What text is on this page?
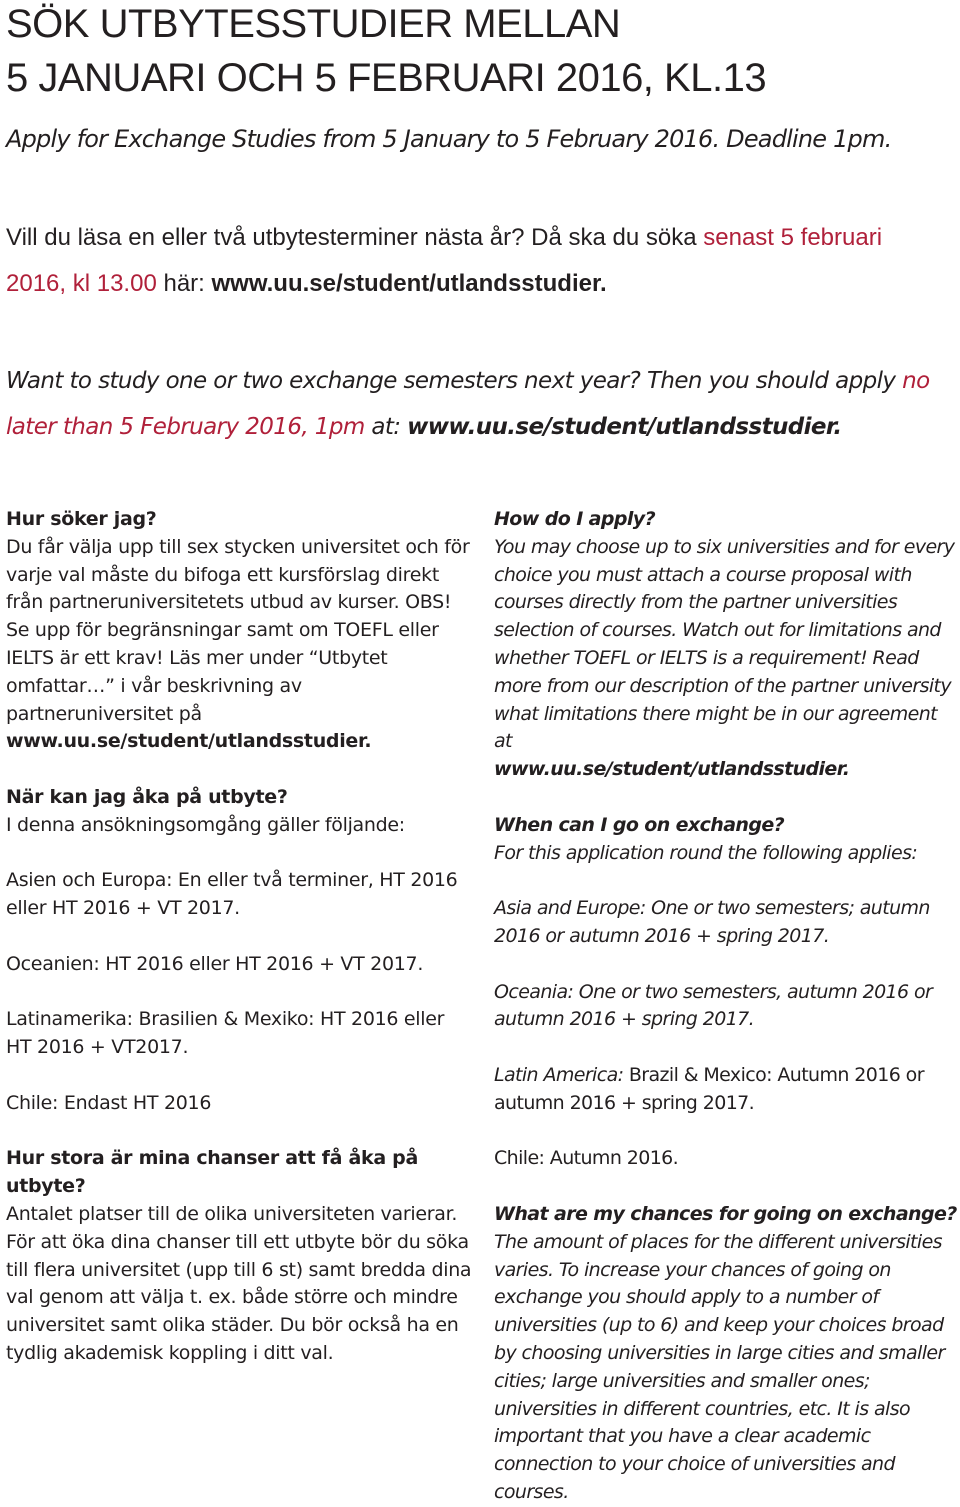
SÖK UTBYTESSTUDIER MELLAN
5 JANUARI OCH 5 FEBRUARI 2016, KL.13

Apply for Exchange Studies from 5 January to 5 February 2016. Deadline 1pm.

Vill du läsa en eller två utbytesterminer nästa år? Då ska du söka senast 5 februari 2016, kl 13.00 här: www.uu.se/student/utlandsstudier.

Want to study one or two exchange semesters next year? Then you should apply no later than 5 February 2016, 1pm at: www.uu.se/student/utlandsstudier.

Hur söker jag?

Du får välja upp till sex stycken universitet och för varje val måste du bifoga ett kursförslag direkt från partneruniversitetets utbud av kurser. OBS! Se upp för begränsningar samt om TOEFL eller IELTS är ett krav! Läs mer under “Utbytet omfattar…” i vår beskrivning av partneruniversitet på

www.uu.se/student/utlandsstudier.

När kan jag åka på utbyte?

I denna ansökningsomgång gäller följande:

Asien och Europa: En eller två terminer, HT 2016 eller HT 2016 + VT 2017.

Oceanien: HT 2016 eller HT 2016 + VT 2017.

Latinamerika: Brasilien & Mexiko: HT 2016 eller HT 2016 + VT2017.

Chile: Endast HT 2016

Hur stora är mina chanser att få åka på utbyte?

Antalet platser till de olika universiteten varierar. För att öka dina chanser till ett utbyte bör du söka till flera universitet (upp till 6 st) samt bredda dina val genom att välja t. ex. både större och mindre universitet samt olika städer. Du bör också ha en tydlig akademisk koppling i ditt val.

How do I apply?

You may choose up to six universities and for every choice you must attach a course proposal with courses directly from the partner universities selection of courses. Watch out for limitations and whether TOEFL or IELTS is a requirement! Read more from our description of the partner university what limitations there might be in our agreement at

www.uu.se/student/utlandsstudier.

When can I go on exchange?

For this application round the following applies:

Asia and Europe: One or two semesters; autumn 2016 or autumn 2016 + spring 2017.

Oceania: One or two semesters, autumn 2016 or autumn 2016 + spring 2017.

Latin America: Brazil & Mexico: Autumn 2016 or autumn 2016 + spring 2017.

Chile: Autumn 2016.

What are my chances for going on exchange?

The amount of places for the different universities varies. To increase your chances of going on exchange you should apply to a number of universities (up to 6) and keep your choices broad by choosing universities in large cities and smaller cities; large universities and smaller ones; universities in different countries, etc. It is also important that you have a clear academic connection to your choice of universities and courses.
